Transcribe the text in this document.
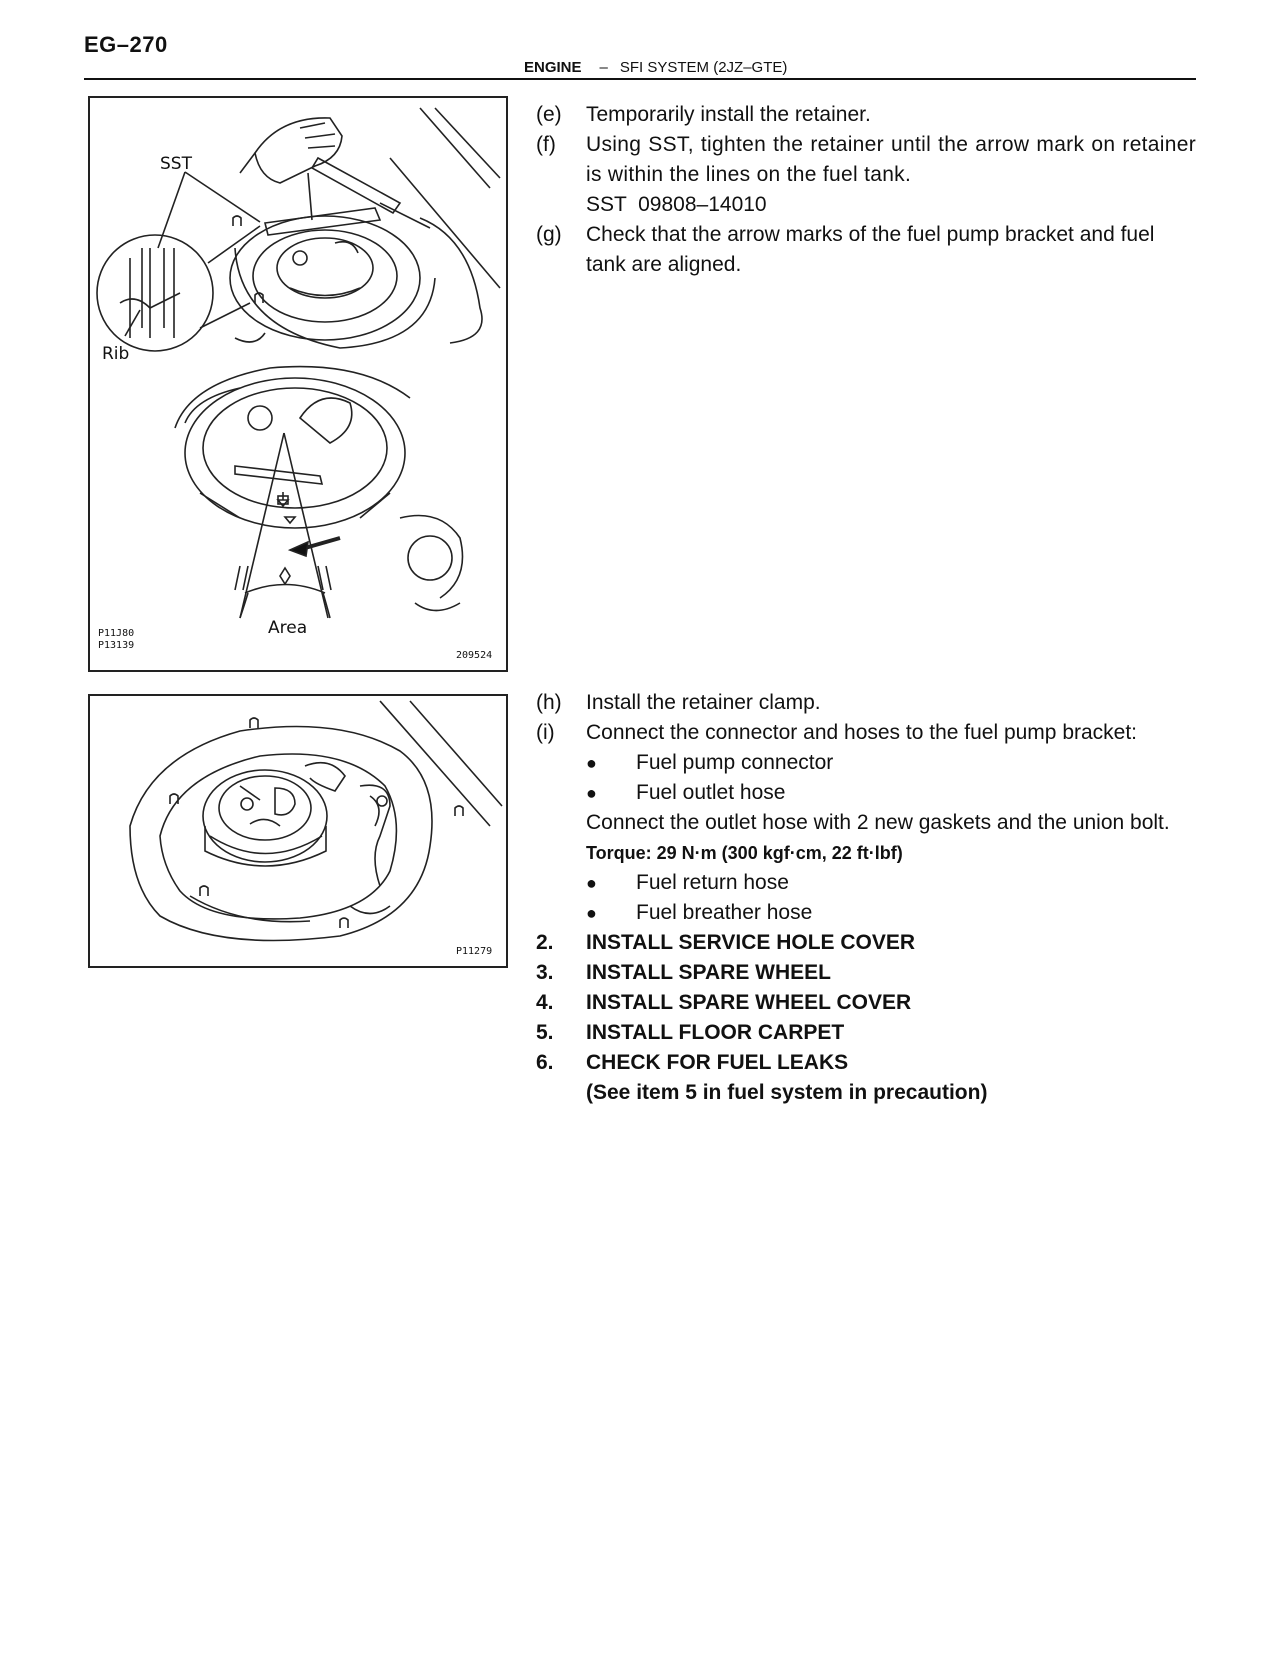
EG–270
ENGINE – SFI SYSTEM (2JZ–GTE)
SST
Rib
Area
P11J80
P13139
209524
P11279
(e)	Temporarily install the retainer.
(f)	Using SST, tighten the retainer until the arrow mark on retainer is within the lines on the fuel tank.
SST  09808–14010
(g)	Check that the arrow marks of the fuel pump bracket and fuel tank are aligned.
(h)	Install the retainer clamp.
(i)	Connect the connector and hoses to the fuel pump bracket:
●	Fuel pump connector
●	Fuel outlet hose
Connect the outlet hose with 2 new gaskets and the union bolt.
Torque: 29 N·m (300 kgf·cm, 22 ft·lbf)
●	Fuel return hose
●	Fuel breather hose
2.	INSTALL SERVICE HOLE COVER
3.	INSTALL SPARE WHEEL
4.	INSTALL SPARE WHEEL COVER
5.	INSTALL FLOOR CARPET
6.	CHECK FOR FUEL LEAKS
(See item 5 in fuel system in precaution)
